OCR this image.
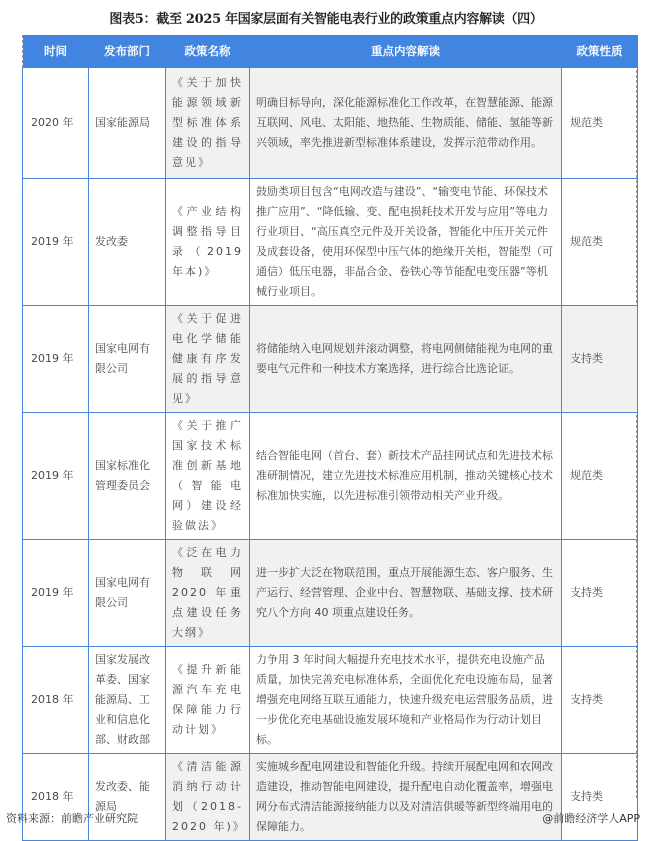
图表5：截至 2025 年国家层面有关智能电表行业的政策重点内容解读（四）
时间	发布部门	政策名称	重点内容解读	政策性质
2020 年	国家能源局	《关于加快能源领域新型标准体系建设的指导意见》	明确目标导向，深化能源标准化工作改革，在智慧能源、能源互联网、风电、太阳能、地热能、生物质能、储能、氢能等新兴领域，率先推进新型标准体系建设，发挥示范带动作用。	规范类
2019 年	发改委	《产业结构调整指导目录（2019 年本)》	鼓励类项目包含“电网改造与建设”、“输变电节能、环保技术推广应用”、“降低输、变、配电损耗技术开发与应用”等电力行业项目、“高压真空元件及开关设备，智能化中压开关元件及成套设备，使用环保型中压气体的绝缘开关柜，智能型（可通信）低压电器，非晶合金、卷铁心等节能配电变压器”等机械行业项目。	规范类
2019 年	国家电网有限公司	《关于促进电化学储能健康有序发展的指导意见》	将储能纳入电网规划并滚动调整，将电网侧储能视为电网的重要电气元件和一种技术方案选择，进行综合比选论证。	支持类
2019 年	国家标准化管理委员会	《关于推广国家技术标准创新基地（智能电网）建设经验做法》	结合智能电网（首台、套）新技术产品挂网试点和先进技术标准研制情况，建立先进技术标准应用机制，推动关键核心技术标准加快实施，以先进标准引领带动相关产业升级。	规范类
2019 年	国家电网有限公司	《泛在电力物联网 2020 年重点建设任务大纲》	进一步扩大泛在物联范围，重点开展能源生态、客户服务、生产运行、经营管理、企业中台、智慧物联、基础支撑、技术研究八个方向 40 项重点建设任务。	支持类
2018 年	国家发展改革委、国家能源局、工业和信息化部、财政部	《提升新能源汽车充电保障能力行动计划》	力争用 3 年时间大幅提升充电技术水平，提供充电设施产品质量，加快完善充电标准体系，全面优化充电设施布局，显著增强充电网络互联互通能力，快速升级充电运营服务品质，进一步优化充电基础设施发展环境和产业格局作为行动计划目标。	支持类
2018 年	发改委、能源局	《清洁能源消纳行动计划（2018-2020 年)》	实施城乡配电网建设和智能化升级。持续开展配电网和农网改造建设，推动智能电网建设，提升配电自动化覆盖率，增强电网分布式清洁能源接纳能力以及对清洁供暖等新型终端用电的保障能力。	支持类
资料来源：前瞻产业研究院	@前瞻经济学人APP
